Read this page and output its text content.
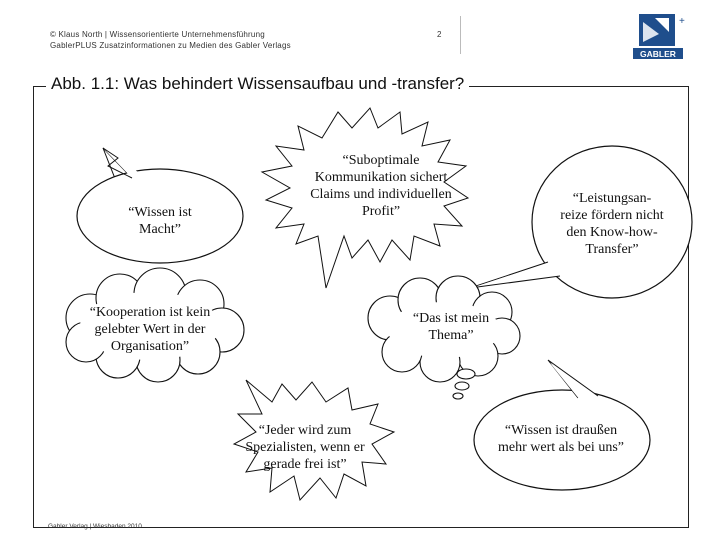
© Klaus North | Wissensorientierte Unternehmensführung
GablerPLUS Zusatzinformationen zu Medien des Gabler Verlags
2
+
GABLER
Abb. 1.1: Was behindert Wissensaufbau und -transfer?
“Wissen ist Macht”
“Suboptimale Kommunikation sichert Claims und individuellen Profit”
“Leistungsan-reize fördern nicht den Know-how-Transfer”
“Kooperation ist kein gelebter Wert in der Organisation”
“Das ist mein Thema”
“Jeder wird zum Spezialisten, wenn er gerade frei ist”
“Wissen ist draußen mehr wert als bei uns”
Gabler Verlag | Wiesbaden 2010
